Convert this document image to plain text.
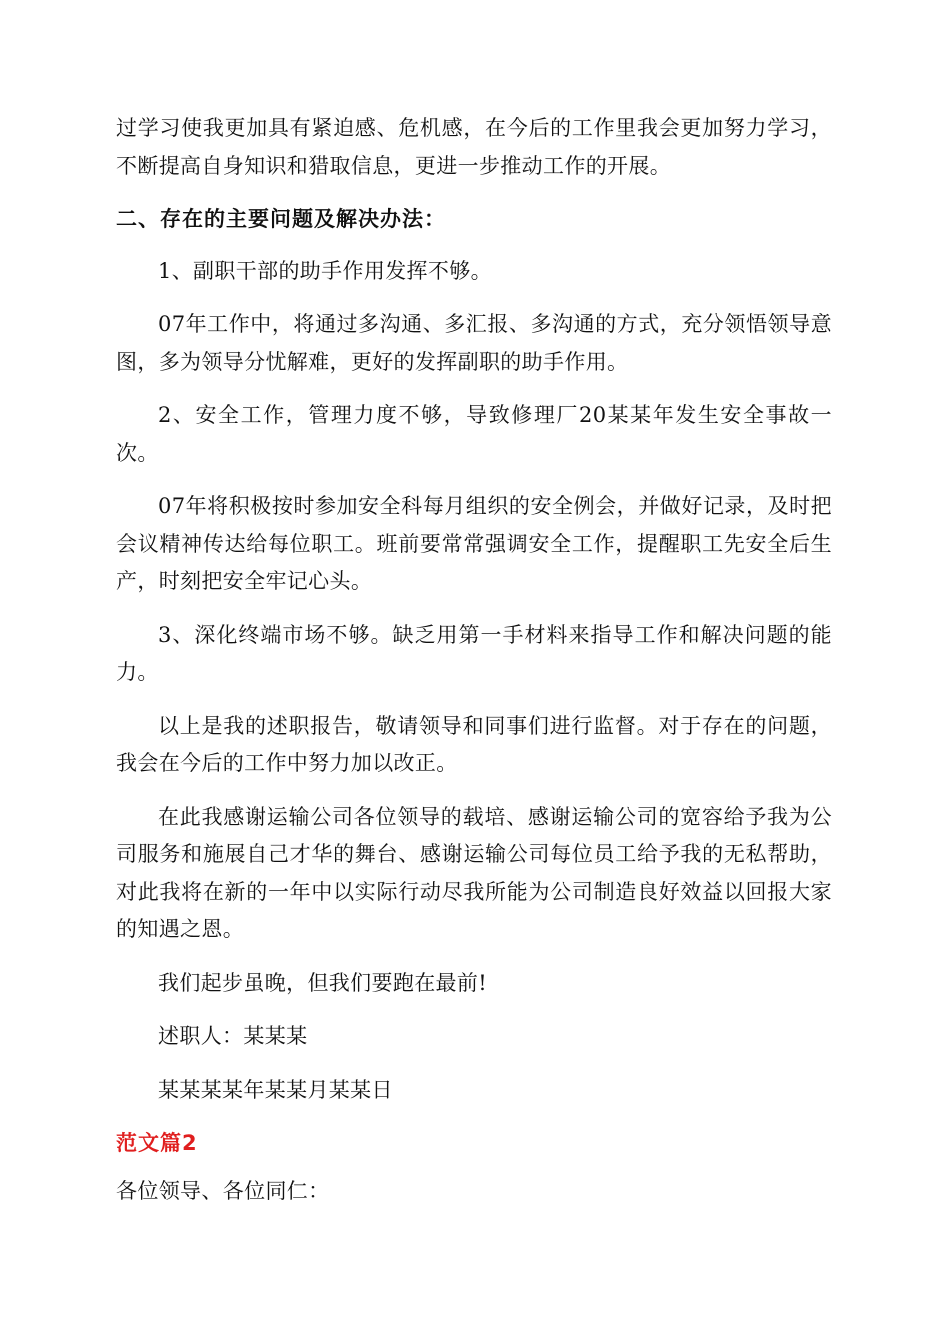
过学习使我更加具有紧迫感、危机感，在今后的工作里我会更加努力学习，不断提高自身知识和猎取信息，更进一步推动工作的开展。

二、存在的主要问题及解决办法：

1、副职干部的助手作用发挥不够。

07年工作中，将通过多沟通、多汇报、多沟通的方式，充分领悟领导意图，多为领导分忧解难，更好的发挥副职的助手作用。

2、安全工作，管理力度不够，导致修理厂20某某年发生安全事故一次。

07年将积极按时参加安全科每月组织的安全例会，并做好记录，及时把会议精神传达给每位职工。班前要常常强调安全工作，提醒职工先安全后生产，时刻把安全牢记心头。

3、深化终端市场不够。缺乏用第一手材料来指导工作和解决问题的能力。

以上是我的述职报告，敬请领导和同事们进行监督。对于存在的问题，我会在今后的工作中努力加以改正。

在此我感谢运输公司各位领导的载培、感谢运输公司的宽容给予我为公司服务和施展自己才华的舞台、感谢运输公司每位员工给予我的无私帮助，对此我将在新的一年中以实际行动尽我所能为公司制造良好效益以回报大家的知遇之恩。

我们起步虽晚，但我们要跑在最前!

述职人：某某某

某某某某年某某月某某日

范文篇2

各位领导、各位同仁：
